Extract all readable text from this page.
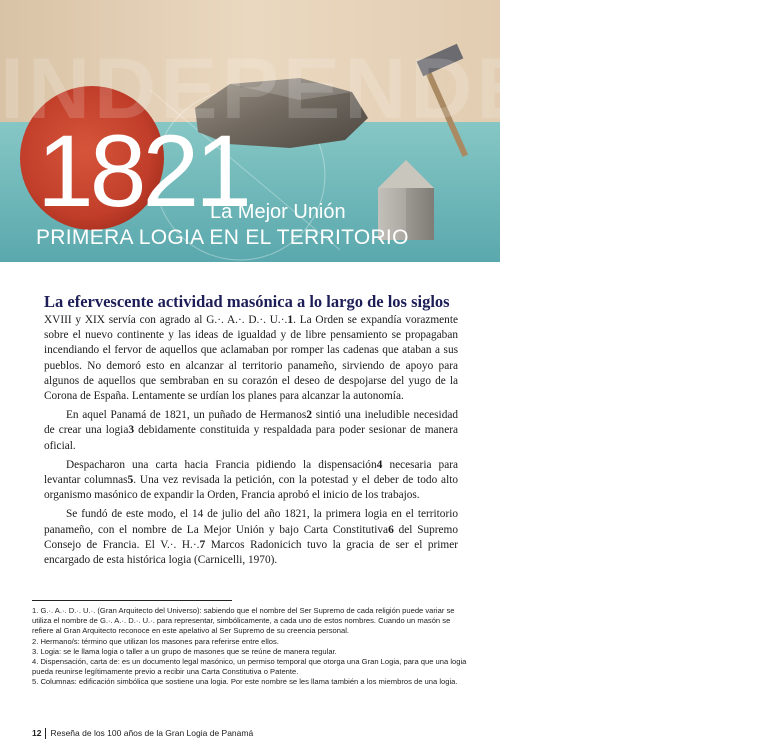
INDEPENDENCIA
1821
La Mejor Unión
PRIMERA LOGIA EN EL TERRITORIO
La efervescente actividad masónica a lo largo de los siglos

XVIII y XIX servía con agrado al G.·. A.·. D.·. U.·.1. La Orden se expandía vorazmente sobre el nuevo continente y las ideas de igualdad y de libre pensamiento se propagaban incendiando el fervor de aquellos que aclamaban por romper las cadenas que ataban a sus pueblos. No demoró esto en alcanzar al territorio panameño, sirviendo de apoyo para algunos de aquellos que sembraban en su corazón el deseo de despojarse del yugo de la Corona de España. Lentamente se urdían los planes para alcanzar la autonomía.

En aquel Panamá de 1821, un puñado de Hermanos2 sintió una ineludible necesidad de crear una logia3 debidamente constituida y respaldada para poder sesionar de manera oficial.

Despacharon una carta hacia Francia pidiendo la dispensación4 necesaria para levantar columnas5. Una vez revisada la petición, con la potestad y el deber de todo alto organismo masónico de expandir la Orden, Francia aprobó el inicio de los trabajos.

Se fundó de este modo, el 14 de julio del año 1821, la primera logia en el territorio panameño, con el nombre de La Mejor Unión y bajo Carta Constitutiva6 del Supremo Consejo de Francia. El V.·. H.·.7 Marcos Radonicich tuvo la gracia de ser el primer encargado de esta histórica logia (Carnicelli, 1970).

1. G.·. A.·. D.·. U.·. (Gran Arquitecto del Universo): sabiendo que el nombre del Ser Supremo de cada religión puede variar se utiliza el nombre de G.·. A.·. D.·. U.·. para representar, simbólicamente, a cada uno de estos nombres. Cuando un masón se refiere al Gran Arquitecto reconoce en este apelativo al Ser Supremo de su creencia personal.
2. Hermano/s: término que utilizan los masones para referirse entre ellos.
3. Logia: se le llama logia o taller a un grupo de masones que se reúne de manera regular.
4. Dispensación, carta de: es un documento legal masónico, un permiso temporal que otorga una Gran Logia, para que una logia pueda reunirse legítimamente previo a recibir una Carta Constitutiva o Patente.
5. Columnas: edificación simbólica que sostiene una logia. Por este nombre se les llama también a los miembros de una logia.
12 Reseña de los 100 años de la Gran Logia de Panamá
